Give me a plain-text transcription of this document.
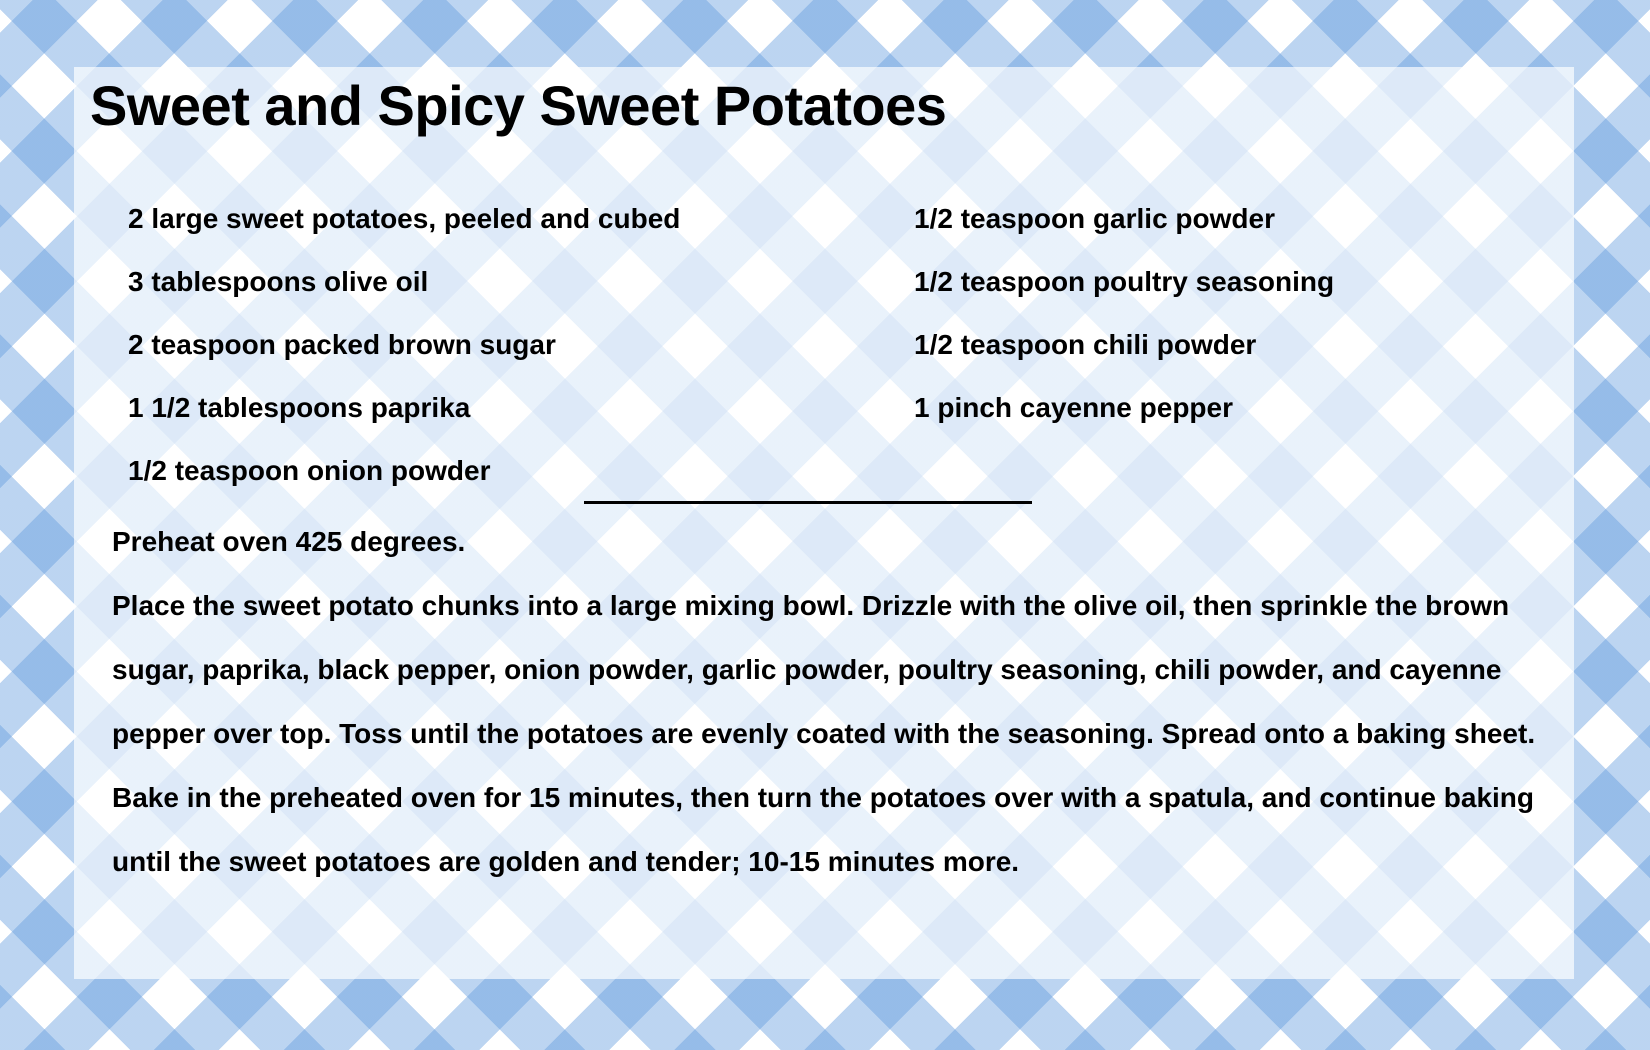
Sweet and Spicy Sweet Potatoes
2 large sweet potatoes, peeled and cubed
3 tablespoons olive oil
2 teaspoon packed brown sugar
1 1/2 tablespoons paprika
1/2 teaspoon onion powder
1/2 teaspoon garlic powder
1/2 teaspoon poultry seasoning
1/2 teaspoon chili powder
1 pinch cayenne pepper

Preheat oven 425 degrees.

Place the sweet potato chunks into a large mixing bowl. Drizzle with the olive oil, then sprinkle the brown sugar, paprika, black pepper, onion powder, garlic powder, poultry seasoning, chili powder, and cayenne pepper over top. Toss until the potatoes are evenly coated with the seasoning. Spread onto a baking sheet.

Bake in the preheated oven for 15 minutes, then turn the potatoes over with a spatula, and continue baking until the sweet potatoes are golden and tender; 10-15 minutes more.
